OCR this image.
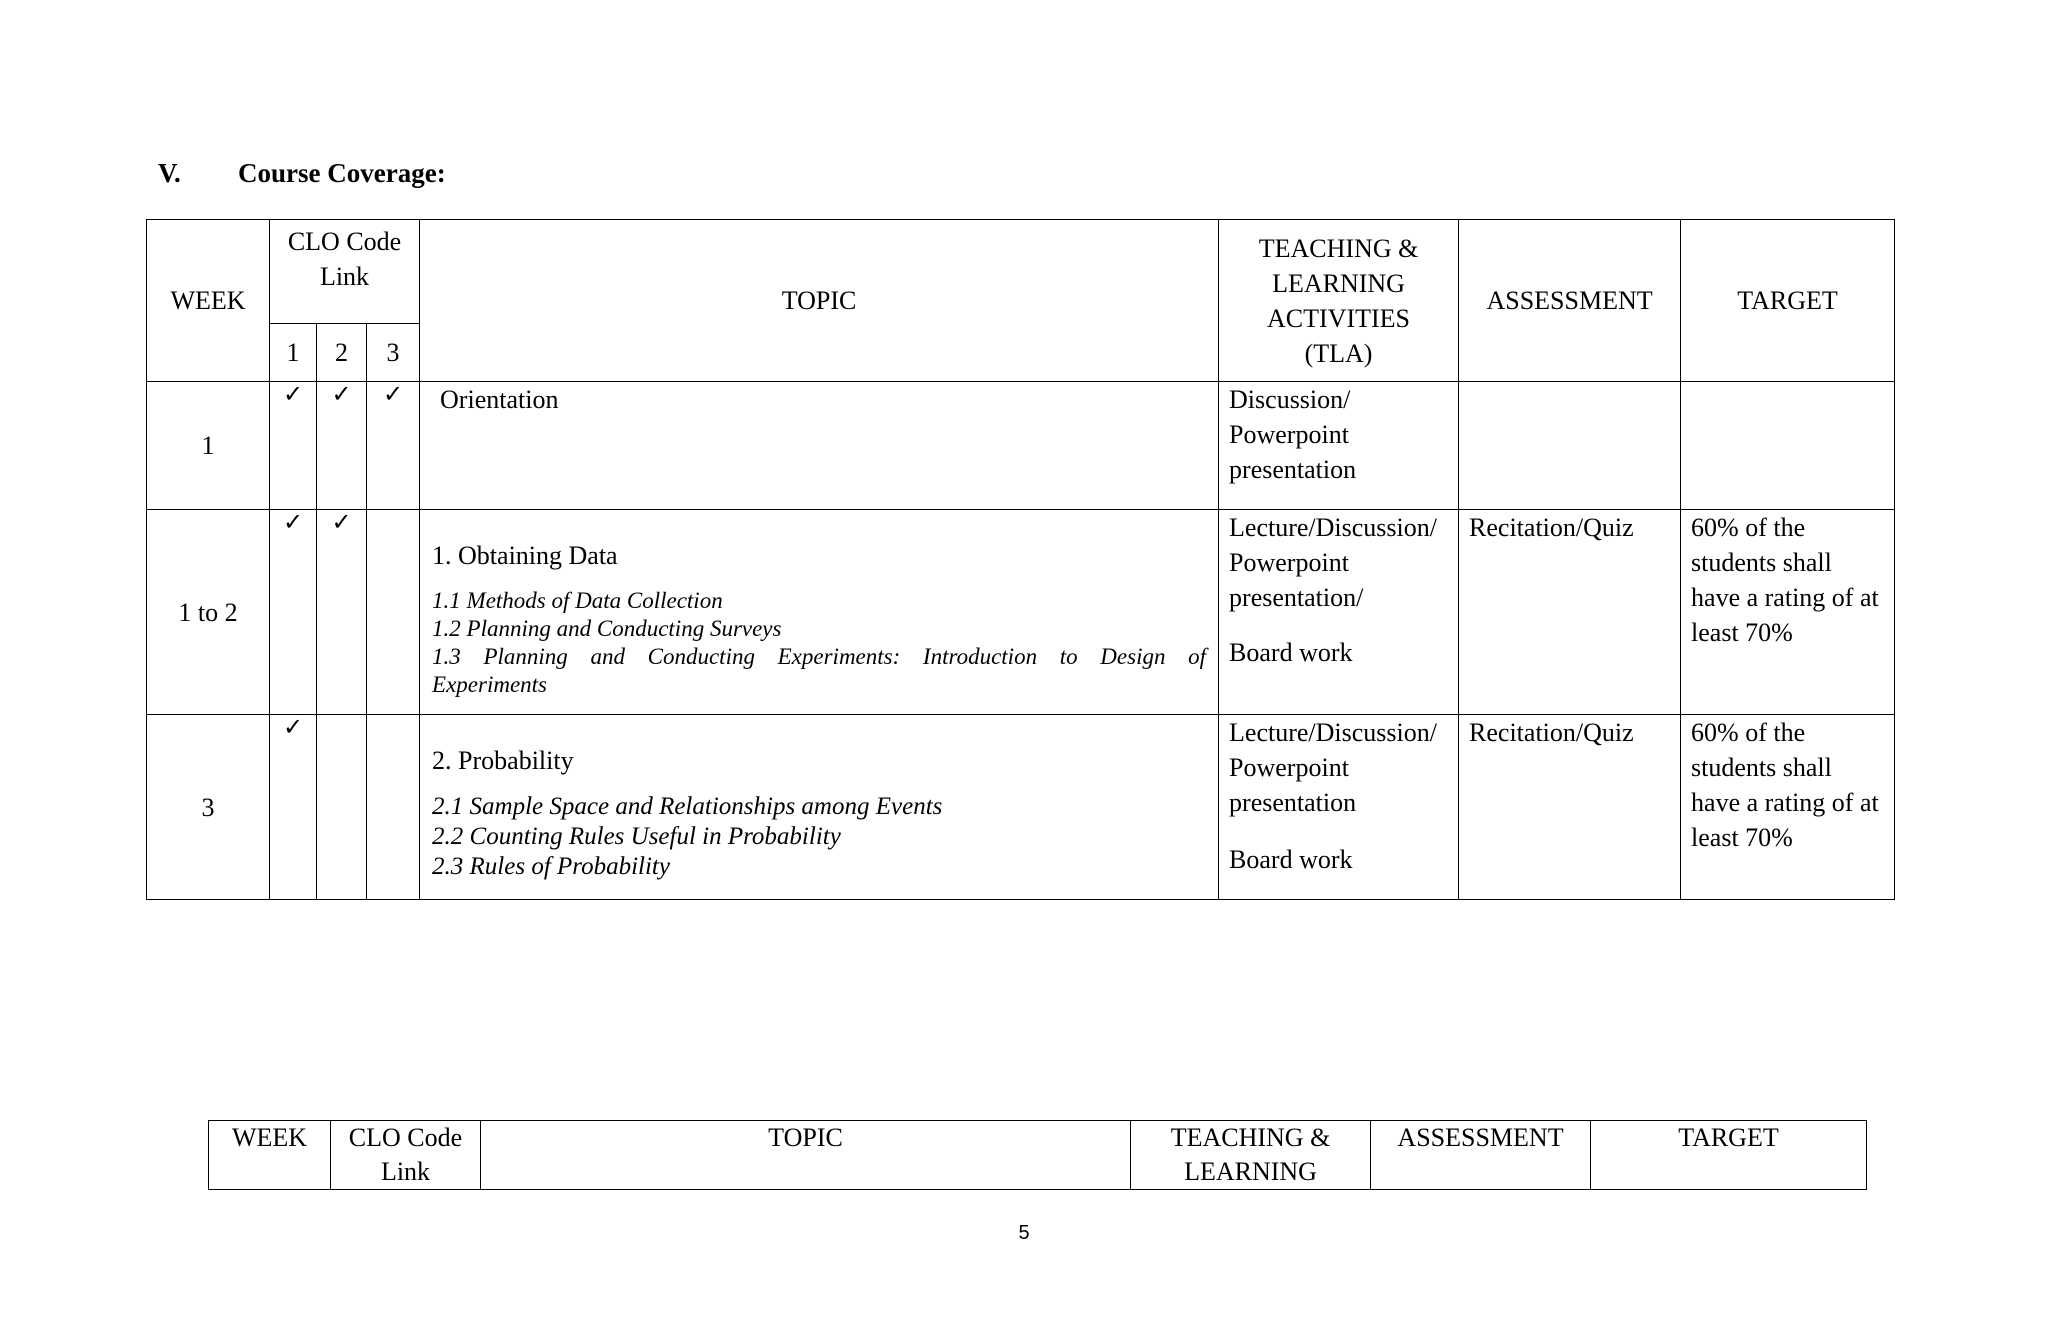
V. Course Coverage:
WEEK	CLO Code Link			TOPIC	TEACHING & LEARNING ACTIVITIES (TLA)	ASSESSMENT	TARGET
	1	2	3				
1	✓	✓	✓	Orientation	Discussion/
Powerpoint
presentation		

1 to 2	✓	✓		1. Obtaining Data
1.1 Methods of Data Collection
1.2 Planning and Conducting Surveys
1.3 Planning and Conducting Experiments: Introduction to Design of
Experiments	Lecture/Discussion/
Powerpoint
presentation/
Board work	Recitation/Quiz	60% of the students shall have a rating of at least 70%
3	✓			2. Probability
2.1 Sample Space and Relationships among Events
2.2 Counting Rules Useful in Probability
2.3 Rules of Probability	Lecture/Discussion/
Powerpoint
presentation
Board work	Recitation/Quiz	60% of the students shall have a rating of at least 70%
WEEK	CLO Code Link	TOPIC	TEACHING & LEARNING	ASSESSMENT	TARGET
5
